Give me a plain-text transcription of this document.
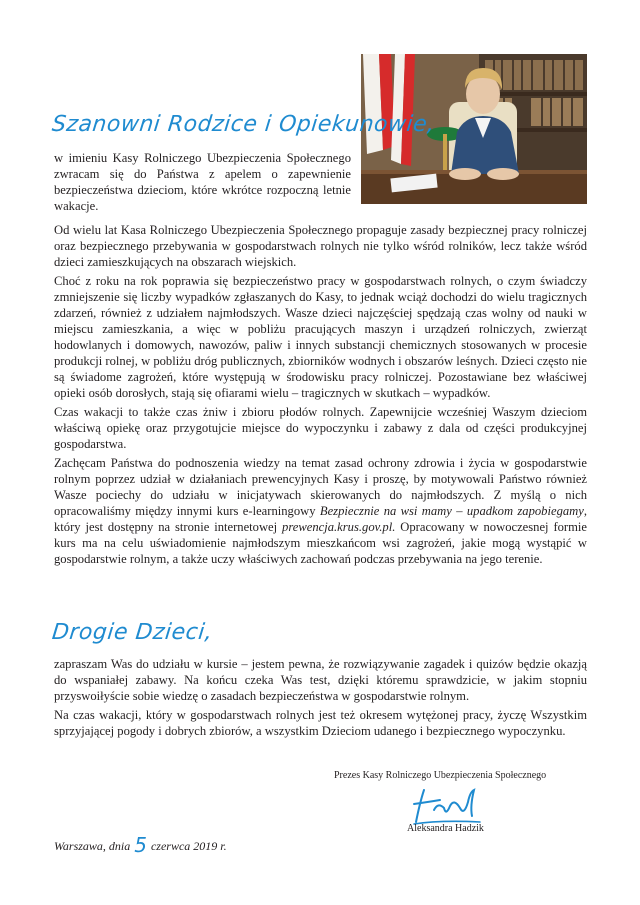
Szanowni Rodzice i Opiekunowie,

w imieniu Kasy Rolniczego Ubezpieczenia Społecznego zwracam się do Państwa z apelem o zapewnienie bezpieczeństwa dzieciom, które wkrótce rozpoczną letnie wakacje.

Od wielu lat Kasa Rolniczego Ubezpieczenia Społecznego propaguje zasady bezpiecznej pracy rolniczej oraz bezpiecznego przebywania w gospodarstwach rolnych nie tylko wśród rolników, lecz także wśród dzieci zamieszkujących na obszarach wiejskich.

Choć z roku na rok poprawia się bezpieczeństwo pracy w gospodarstwach rolnych, o czym świadczy zmniejszenie się liczby wypadków zgłaszanych do Kasy, to jednak wciąż dochodzi do wielu tragicznych zdarzeń, również z udziałem najmłodszych. Wasze dzieci najczęściej spędzają czas wolny od nauki w miejscu zamieszkania, a więc w pobliżu pracujących maszyn i urządzeń rolniczych, zwierząt hodowlanych i domowych, nawozów, paliw i innych substancji chemicznych stosowanych w procesie produkcji rolnej, w pobliżu dróg publicznych, zbiorników wodnych i obszarów leśnych. Dzieci często nie są świadome zagrożeń, które występują w środowisku pracy rolniczej. Pozostawiane bez właściwej opieki osób dorosłych, stają się ofiarami wielu – tragicznych w skutkach – wypadków.

Czas wakacji to także czas żniw i zbioru płodów rolnych. Zapewnijcie wcześniej Waszym dzieciom właściwą opiekę oraz przygotujcie miejsce do wypoczynku i zabawy z dala od części produkcyjnej gospodarstwa.

Zachęcam Państwa do podnoszenia wiedzy na temat zasad ochrony zdrowia i życia w gospodarstwie rolnym poprzez udział w działaniach prewencyjnych Kasy i proszę, by motywowali Państwo również Wasze pociechy do udziału w inicjatywach skierowanych do najmłodszych. Z myślą o nich opracowaliśmy między innymi kurs e-learningowy Bezpiecznie na wsi mamy – upadkom zapobiegamy, który jest dostępny na stronie internetowej prewencja.krus.gov.pl. Opracowany w nowoczesnej formie kurs ma na celu uświadomienie najmłodszym mieszkańcom wsi zagrożeń, jakie mogą wystąpić w gospodarstwie rolnym, a także uczy właściwych zachowań podczas przebywania na jego terenie.

Drogie Dzieci,

zapraszam Was do udziału w kursie – jestem pewna, że rozwiązywanie zagadek i quizów będzie okazją do wspaniałej zabawy. Na końcu czeka Was test, dzięki któremu sprawdzicie, w jakim stopniu przyswoiłyście sobie wiedzę o zasadach bezpieczeństwa w gospodarstwie rolnym.

Na czas wakacji, który w gospodarstwach rolnych jest też okresem wytężonej pracy, życzę Wszystkim sprzyjającej pogody i dobrych zbiorów, a wszystkim Dzieciom udanego i bezpiecznego wypoczynku.

Prezes Kasy Rolniczego Ubezpieczenia Społecznego
Aleksandra Hadzik
Warszawa, dnia 5 czerwca 2019 r.
